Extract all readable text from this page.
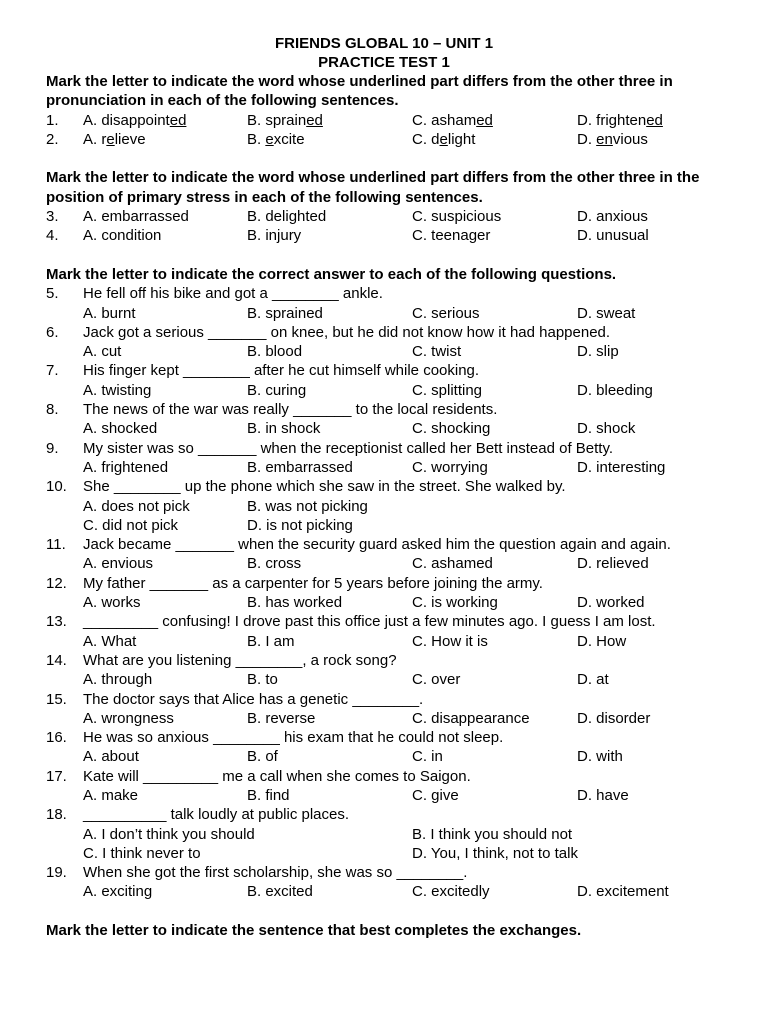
FRIENDS GLOBAL 10 – UNIT 1
PRACTICE TEST 1
Mark the letter to indicate the word whose underlined part differs from the other three in pronunciation in each of the following sentences.
1. A. disappointed	B. sprained	C. ashamed	D. frightened
2. A. relieve	B. excite	C. delight	D. envious
Mark the letter to indicate the word whose underlined part differs from the other three in the position of primary stress in each of the following sentences.
3. A. embarrassed	B. delighted	C. suspicious	D. anxious
4. A. condition	B. injury	C. teenager	D. unusual
Mark the letter to indicate the correct answer to each of the following questions.
5. He fell off his bike and got a ________ ankle.
A. burnt	B. sprained	C. serious	D. sweat
6. Jack got a serious _______ on knee, but he did not know how it had happened.
A. cut	B. blood	C. twist	D. slip
7. His finger kept ________ after he cut himself while cooking.
A. twisting	B. curing	C. splitting	D. bleeding
8. The news of the war was really _______ to the local residents.
A. shocked	B. in shock	C. shocking	D. shock
9. My sister was so _______ when the receptionist called her Bett instead of Betty.
A. frightened	B. embarrassed	C. worrying	D. interesting
10. She ________ up the phone which she saw in the street. She walked by.
A. does not pick	B. was not picking
C. did not pick	D. is not picking
11. Jack became _______ when the security guard asked him the question again and again.
A. envious	B. cross	C. ashamed	D. relieved
12. My father _______ as a carpenter for 5 years before joining the army.
A. works	B. has worked	C. is working	D. worked
13. _________ confusing! I drove past this office just a few minutes ago. I guess I am lost.
A. What	B. I am	C. How it is	D. How
14. What are you listening ________, a rock song?
A. through	B. to	C. over	D. at
15. The doctor says that Alice has a genetic ________.
A. wrongness	B. reverse	C. disappearance	D. disorder
16. He was so anxious ________ his exam that he could not sleep.
A. about	B. of	C. in	D. with
17. Kate will _________ me a call when she comes to Saigon.
A. make	B. find	C. give	D. have
18. __________ talk loudly at public places.
A. I don’t think you should	B. I think you should not
C. I think never to	D. You, I think, not to talk
19. When she got the first scholarship, she was so ________.
A. exciting	B. excited	C. excitedly	D. excitement
Mark the letter to indicate the sentence that best completes the exchanges.
